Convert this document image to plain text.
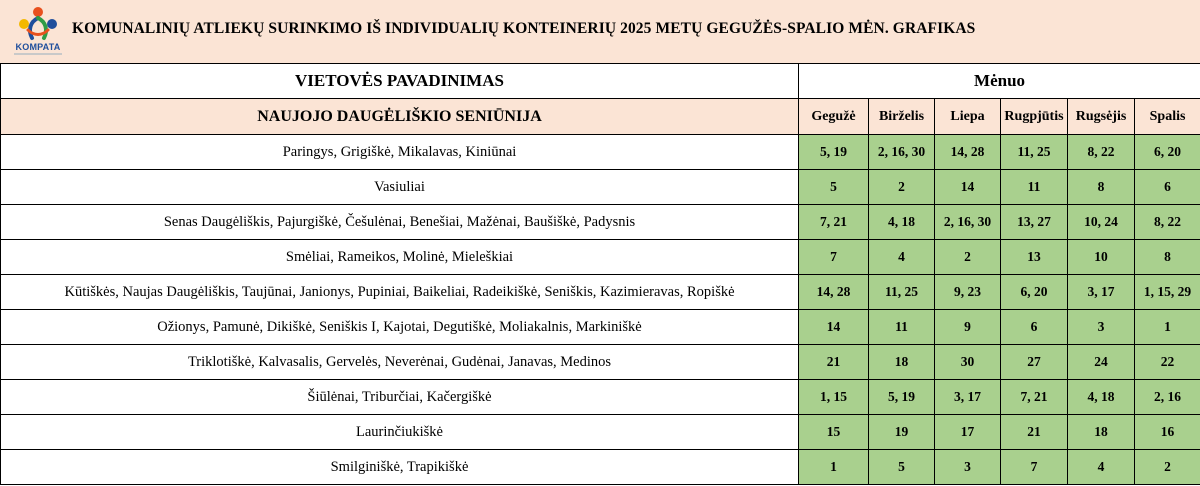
KOMPATA
KOMUNALINIŲ ATLIEKŲ SURINKIMO IŠ INDIVIDUALIŲ KONTEINERIŲ 2025 METŲ GEGUŽĖS-SPALIO MĖN. GRAFIKAS
VIETOVĖS PAVADINIMAS	Mėnuo					
NAUJOJO DAUGĖLIŠKIO SENIŪNIJA	Gegužė	Birželis	Liepa	Rugpjūtis	Rugsėjis	Spalis
Paringys, Grigiškė, Mikalavas, Kiniūnai	5, 19	2, 16, 30	14, 28	11, 25	8, 22	6, 20
Vasiuliai	5	2	14	11	8	6
Senas Daugėliškis, Pajurgiškė, Češulėnai, Benešiai, Mažėnai, Baušiškė, Padysnis	7, 21	4, 18	2, 16, 30	13, 27	10, 24	8, 22
Smėliai, Rameikos, Molinė, Mieleškiai	7	4	2	13	10	8
Kūtiškės, Naujas Daugėliškis, Taujūnai, Janionys, Pupiniai, Baikeliai, Radeikiškė, Seniškis, Kazimieravas, Ropiškė	14, 28	11, 25	9, 23	6, 20	3, 17	1, 15, 29
Ožionys, Pamunė, Dikiškė, Seniškis I, Kajotai, Degutiškė, Moliakalnis, Markiniškė	14	11	9	6	3	1
Triklotiškė, Kalvasalis, Gervelės, Neverėnai, Gudėnai, Janavas, Medinos	21	18	30	27	24	22
Šiūlėnai, Triburčiai, Kačergiškė	1, 15	5, 19	3, 17	7, 21	4, 18	2, 16
Laurinčiukiškė	15	19	17	21	18	16
Smilginiškė, Trapikiškė	1	5	3	7	4	2
